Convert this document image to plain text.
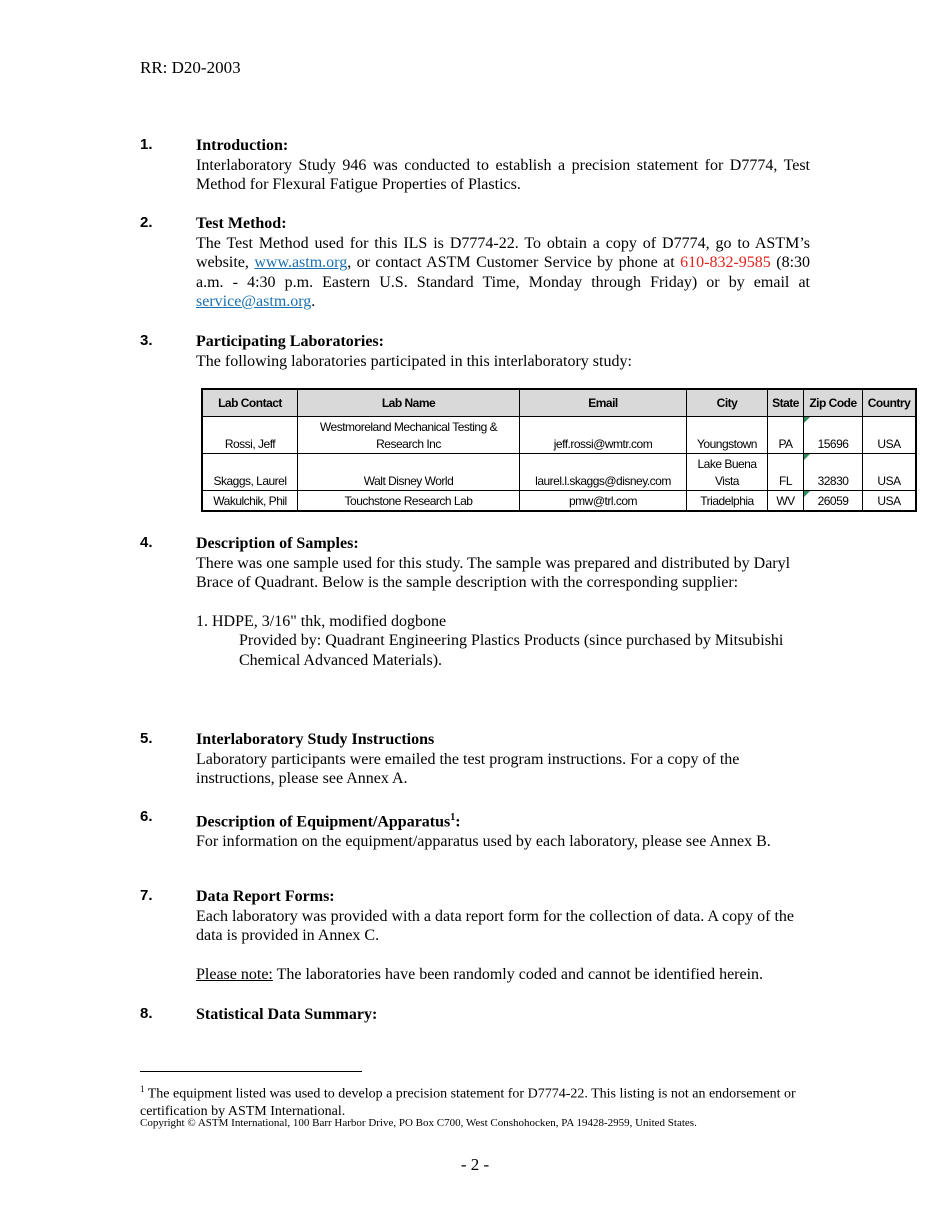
RR: D20-2003
1.	Introduction:
Interlaboratory Study 946 was conducted to establish a precision statement for D7774, Test Method for Flexural Fatigue Properties of Plastics.
2.	Test Method:
The Test Method used for this ILS is D7774-22. To obtain a copy of D7774, go to ASTM’s website, www.astm.org, or contact ASTM Customer Service by phone at 610-832-9585 (8:30 a.m. - 4:30 p.m. Eastern U.S. Standard Time, Monday through Friday) or by email at service@astm.org.
3.	Participating Laboratories:
The following laboratories participated in this interlaboratory study:
Lab Contact	Lab Name	Email	City	State	Zip Code	Country
Rossi, Jeff	Westmoreland Mechanical Testing & Research Inc	jeff.rossi@wmtr.com	Youngstown	PA	15696	USA
Skaggs, Laurel	Walt Disney World	laurel.l.skaggs@disney.com	Lake Buena Vista	FL	32830	USA
Wakulchik, Phil	Touchstone Research Lab	pmw@trl.com	Triadelphia	WV	26059	USA
4.	Description of Samples:
There was one sample used for this study. The sample was prepared and distributed by Daryl Brace of Quadrant. Below is the sample description with the corresponding supplier:
1. HDPE, 3/16" thk, modified dogbone
Provided by: Quadrant Engineering Plastics Products (since purchased by Mitsubishi Chemical Advanced Materials).
5.	Interlaboratory Study Instructions
Laboratory participants were emailed the test program instructions. For a copy of the instructions, please see Annex A.
6.	Description of Equipment/Apparatus$^1$:
For information on the equipment/apparatus used by each laboratory, please see Annex B.
7.	Data Report Forms:
Each laboratory was provided with a data report form for the collection of data. A copy of the data is provided in Annex C.
Please note: The laboratories have been randomly coded and cannot be identified herein.
8.	Statistical Data Summary:
$^1$ The equipment listed was used to develop a precision statement for D7774-22. This listing is not an endorsement or certification by ASTM International.
Copyright © ASTM International, 100 Barr Harbor Drive, PO Box C700, West Conshohocken, PA 19428-2959, United States.
- 2 -
